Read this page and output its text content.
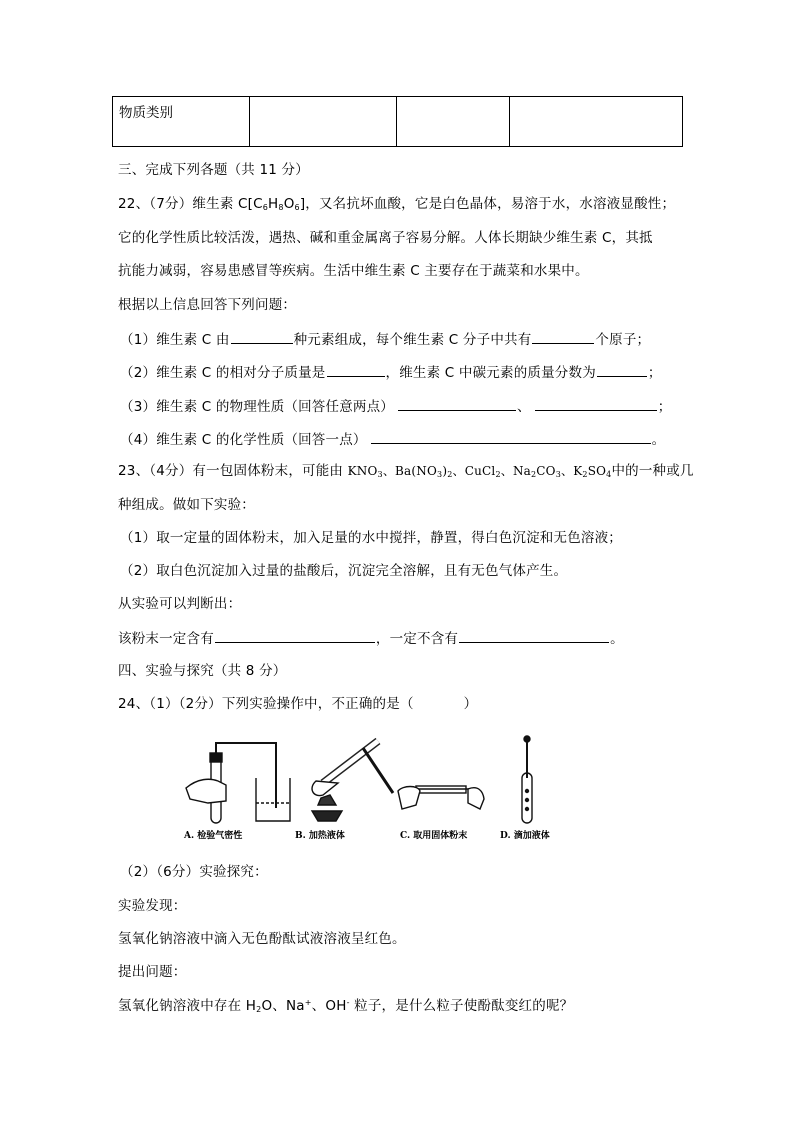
物质类别			
三、完成下列各题（共 11 分）
22、（7分）维生素 $C[C_6H_8O_6]$，又名抗坏血酸，它是白色晶体，易溶于水，水溶液显酸性；
它的化学性质比较活泼，遇热、碱和重金属离子容易分解。人体长期缺少维生素 C，其抵
抗能力减弱，容易患感冒等疾病。生活中维生素 C 主要存在于蔬菜和水果中。
根据以上信息回答下列问题：
（1）维生素 C 由	种元素组成，每个维生素 C 分子中共有	个原子；
（2）维生素 C 的相对分子质量是	，维生素 C 中碳元素的质量分数为	；
（3）维生素 C 的物理性质（回答任意两点）	、	；
（4）维生素 C 的化学性质（回答一点）	。
23、（4分）有一包固体粉末，可能由 $KNO_3$、$Ba(NO_3)_2$、CuCl$_2$、$Na_2CO_3$、$K_2SO_4$中的一种或几
种组成。做如下实验：
（1）取一定量的固体粉末，加入足量的水中搅拌，静置，得白色沉淀和无色溶液；
（2）取白色沉淀加入过量的盐酸后，沉淀完全溶解，且有无色气体产生。
从实验可以判断出：
该粉末一定含有	，一定不含有	。
四、实验与探究（共 8 分）
24、（1）（2分）下列实验操作中，不正确的是（	）
A. 检验气密性	B. 加热液体	C. 取用固体粉末	D. 滴加液体
（2）（6分）实验探究：
实验发现：
氢氧化钠溶液中滴入无色酚酞试液溶液呈红色。
提出问题：
氢氧化钠溶液中存在 $H_2O$、Na+、OH- 粒子，是什么粒子使酚酞变红的呢？
